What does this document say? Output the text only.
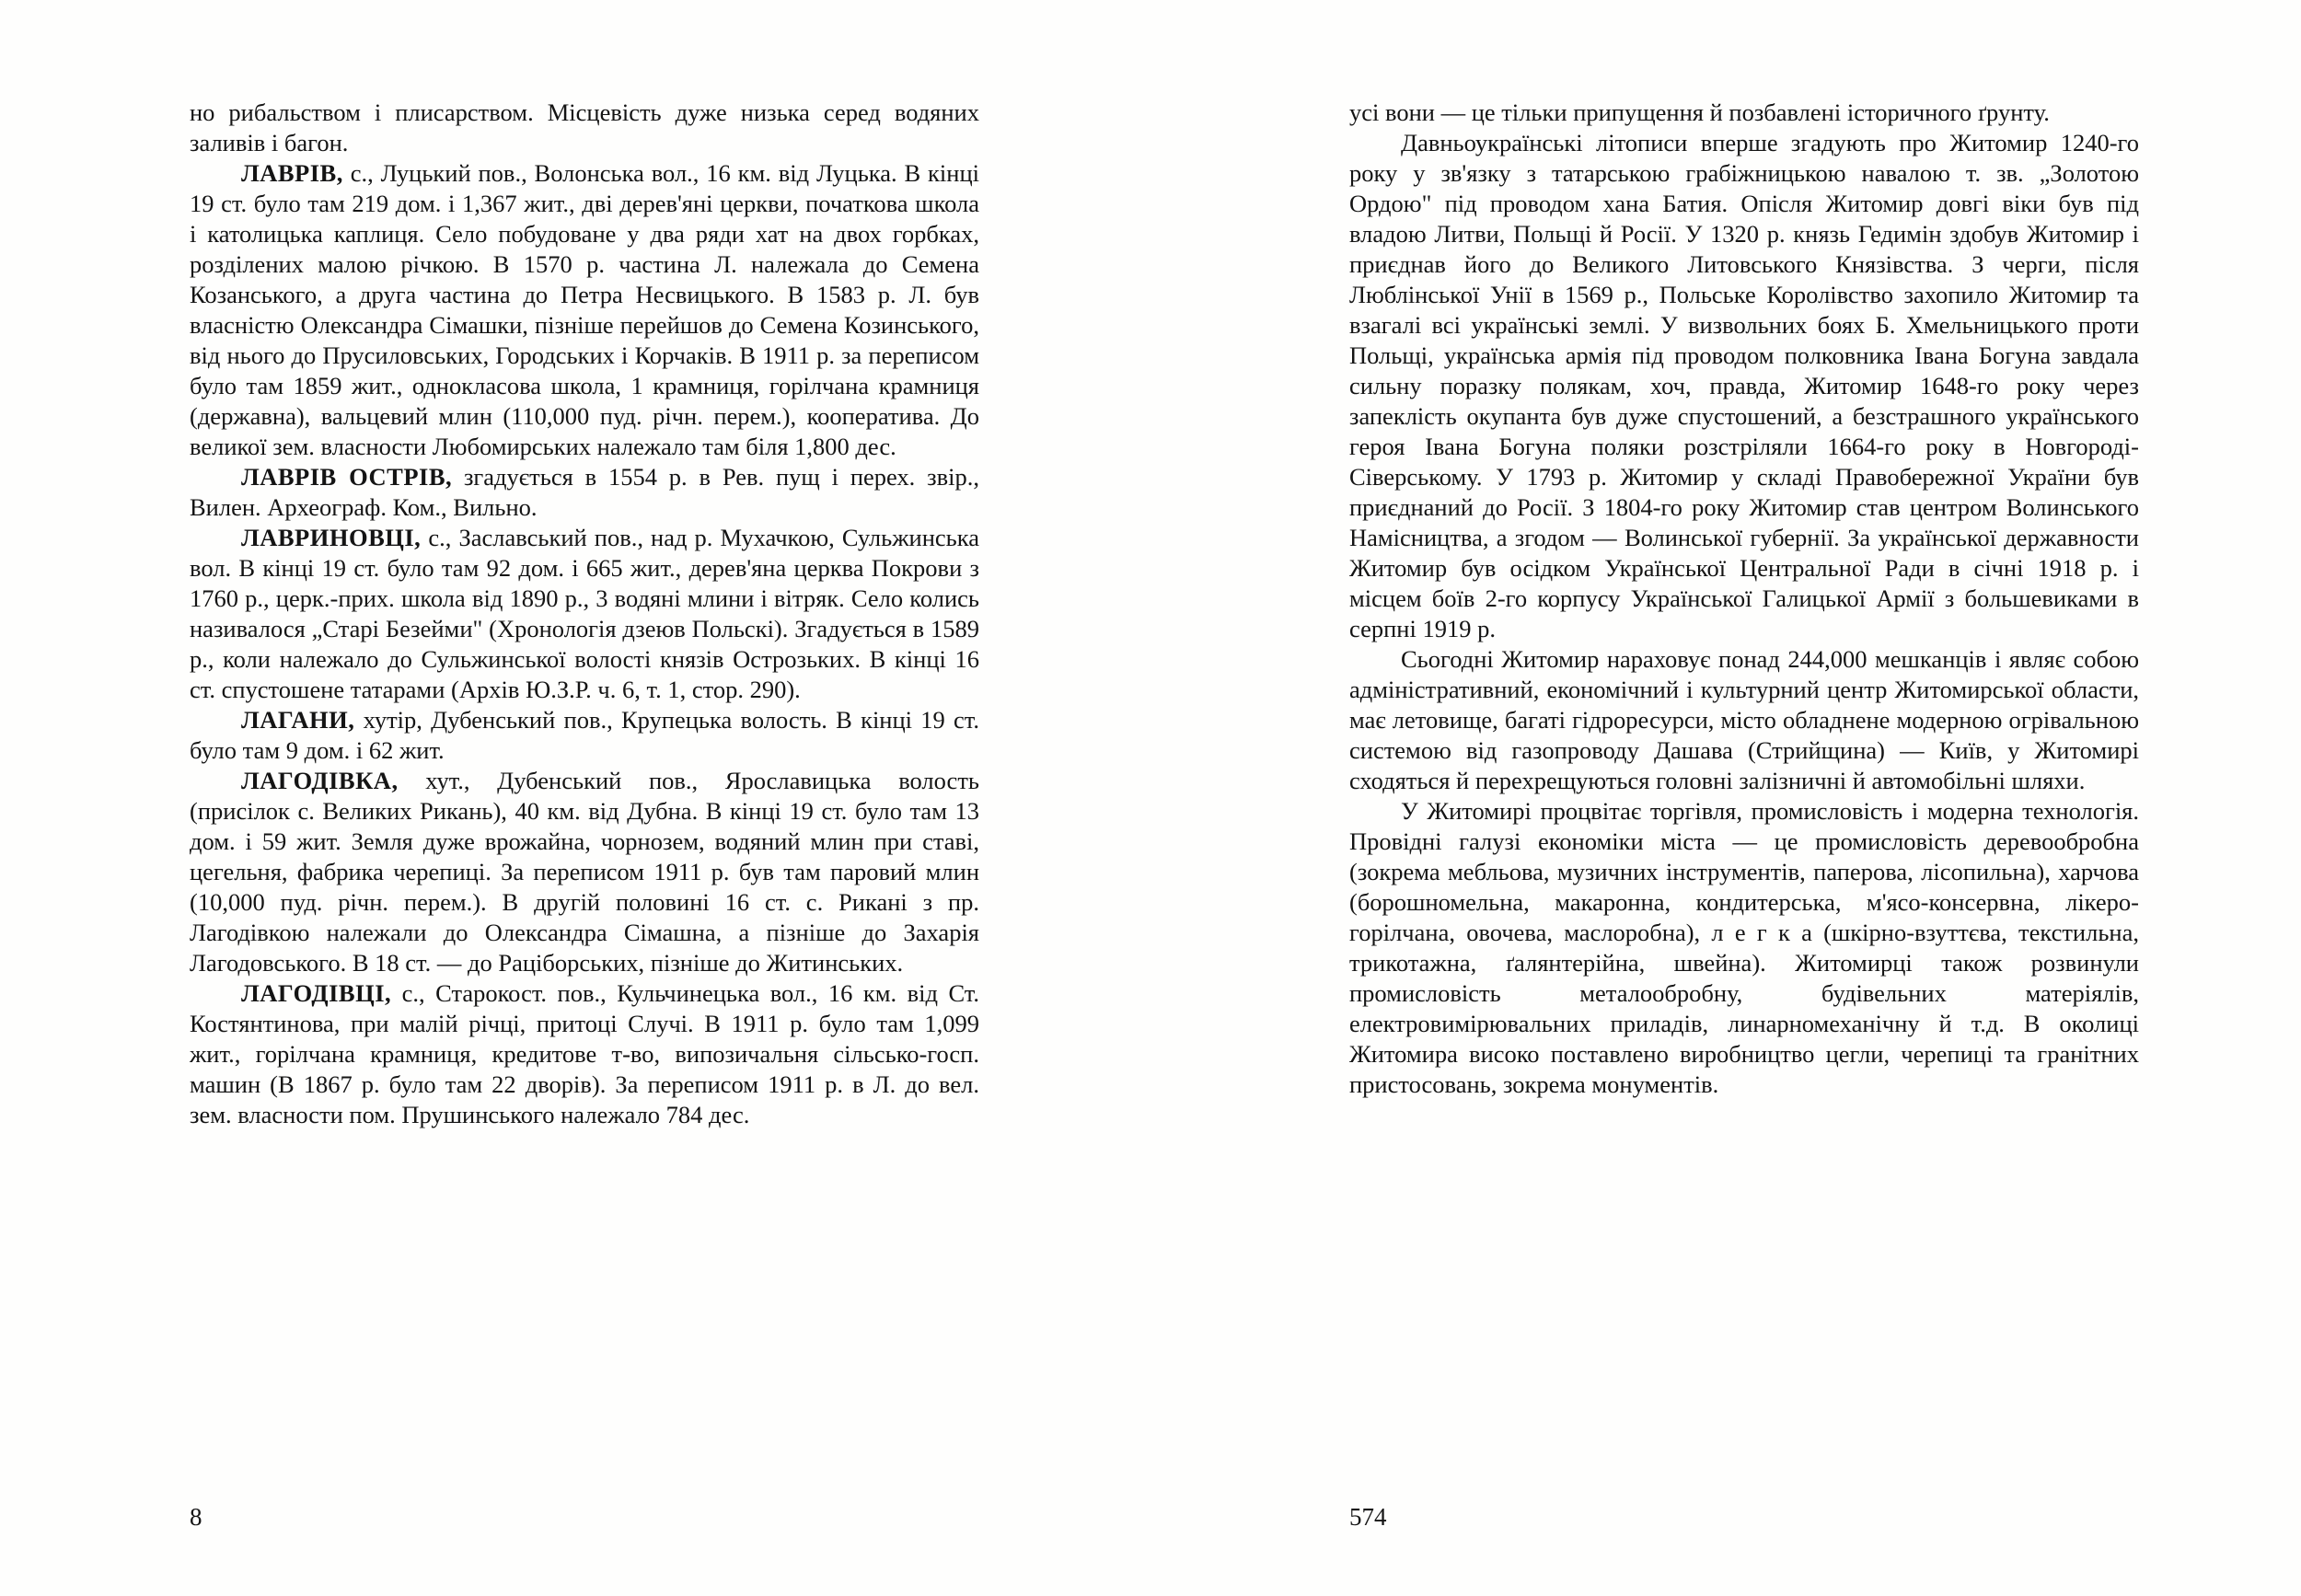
но рибальством і плисарством. Місцевість дуже низька серед водяних заливів і багон.

ЛАВРІВ, с., Луцький пов., Волонська вол., 16 км. від Луцька. В кінці 19 ст. було там 219 дом. і 1,367 жит., дві дерев'яні церкви, початкова школа і католицька каплиця. Село побудоване у два ряди хат на двох горбках, розділених малою річкою. В 1570 р. частина Л. належала до Семена Козанського, а друга частина до Петра Несвицького. В 1583 р. Л. був власністю Олександра Сімашки, пізніше перейшов до Семена Козинського, від нього до Прусиловських, Городських і Корчаків. В 1911 р. за переписом було там 1859 жит., однокласова школа, 1 крамниця, горілчана крамниця (державна), вальцевий млин (110,000 пуд. річн. перем.), кооператива. До великої зем. власности Любомирських належало там біля 1,800 дес.

ЛАВРІВ ОСТРІВ, згадується в 1554 р. в Рев. пущ і перех. звір., Вилен. Археограф. Ком., Вильно.

ЛАВРИНОВЦІ, с., Заславський пов., над р. Мухачкою, Сульжинська вол. В кінці 19 ст. було там 92 дом. і 665 жит., дерев'яна церква Покрови з 1760 р., церк.-прих. школа від 1890 р., 3 водяні млини і вітряк. Село колись називалося „Старі Безейми" (Хронологія дзеюв Польскі). Згадується в 1589 р., коли належало до Сульжинської волості князів Острозьких. В кінці 16 ст. спустошене татарами (Архів Ю.З.Р. ч. 6, т. 1, стор. 290).

ЛАГАНИ, хутір, Дубенський пов., Крупецька волость. В кінці 19 ст. було там 9 дом. і 62 жит.

ЛАГОДІВКА, хут., Дубенський пов., Ярославицька волость (присілок с. Великих Рикань), 40 км. від Дубна. В кінці 19 ст. було там 13 дом. і 59 жит. Земля дуже врожайна, чорнозем, водяний млин при ставі, цегельня, фабрика черепиці. За переписом 1911 р. був там паровий млин (10,000 пуд. річн. перем.). В другій половині 16 ст. с. Рикані з пр. Лагодівкою належали до Олександра Сімашна, а пізніше до Захарія Лагодовського. В 18 ст. — до Раціборських, пізніше до Житинських.

ЛАГОДІВЦІ, с., Старокост. пов., Кульчинецька вол., 16 км. від Ст. Костянтинова, при малій річці, притоці Случі. В 1911 р. було там 1,099 жит., горілчана крамниця, кредитове т-во, випозичальня сільсько-госп. машин (В 1867 р. було там 22 дворів). За переписом 1911 р. в Л. до вел. зем. власности пом. Прушинського належало 784 дес.

усі вони — це тільки припущення й позбавлені історичного ґрунту.

Давньоукраїнські літописи вперше згадують про Житомир 1240-го року у зв'язку з татарською грабіжницькою навалою т. зв. „Золотою Ордою" під проводом хана Батия. Опісля Житомир довгі віки був під владою Литви, Польщі й Росії. У 1320 р. князь Гедимін здобув Житомир і приєднав його до Великого Литовського Князівства. З черги, після Люблінської Унії в 1569 р., Польське Королівство захопило Житомир та взагалі всі українські землі. У визвольних боях Б. Хмельницького проти Польщі, українська армія під проводом полковника Івана Богуна завдала сильну поразку полякам, хоч, правда, Житомир 1648-го року через запеклість окупанта був дуже спустошений, а безстрашного українського героя Івана Богуна поляки розстріляли 1664-го року в Новгороді-Сіверському. У 1793 р. Житомир у складі Правобережної України був приєднаний до Росії. З 1804-го року Житомир став центром Волинського Намісництва, а згодом — Волинської губернії. За української державности Житомир був осідком Української Центральної Ради в січні 1918 р. і місцем боїв 2-го корпусу Української Галицької Армії з большевиками в серпні 1919 р.

Сьогодні Житомир нараховує понад 244,000 мешканців і являє собою адміністративний, економічний і культурний центр Житомирської области, має летовище, багаті гідроресурси, місто обладнене модерною огрівальною системою від газопроводу Дашава (Стрийщина) — Київ, у Житомирі сходяться й перехрещуються головні залізничні й автомобільні шляхи.

У Житомирі процвітає торгівля, промисловість і модерна технологія. Провідні галузі економіки міста — це промисловість деревообробна (зокрема мебльова, музичних інструментів, паперова, лісопильна), харчова (борошномельна, макаронна, кондитерська, м'ясо-консервна, лікеро-горілчана, овочева, маслоробна), л е г к а (шкірно-взуттєва, текстильна, трикотажна, ґалянтерійна, швейна). Житомирці також розвинули промисловість металообробну, будівельних матеріялів, електровимірювальних приладів, линарномеханічну й т.д. В околиці Житомира високо поставлено виробництво цегли, черепиці та гранітних пристосовань, зокрема монументів.

8	574
